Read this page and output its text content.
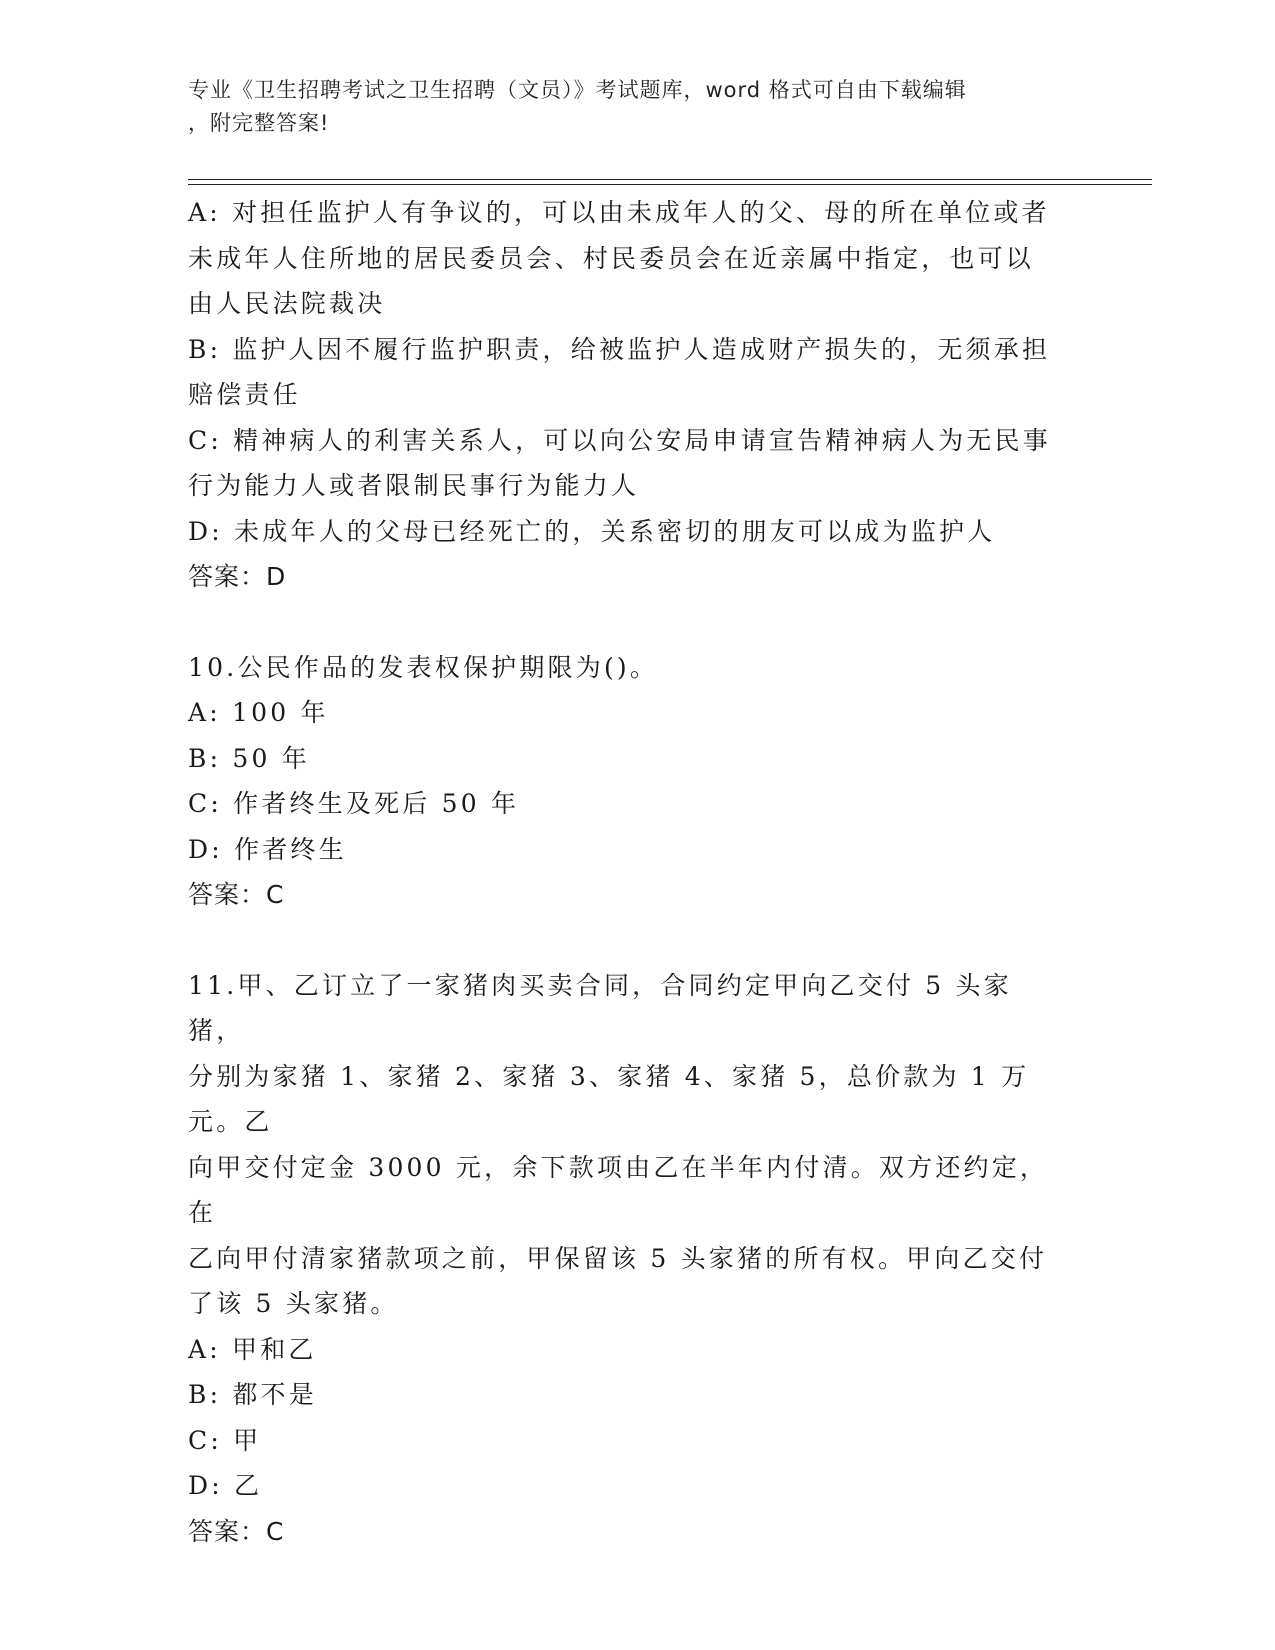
专业《卫生招聘考试之卫生招聘（文员）》考试题库，word 格式可自由下载编辑
，附完整答案!
A: 对担任监护人有争议的，可以由未成年人的父、母的所在单位或者
未成年人住所地的居民委员会、村民委员会在近亲属中指定，也可以
由人民法院裁决
B: 监护人因不履行监护职责，给被监护人造成财产损失的，无须承担
赔偿责任
C: 精神病人的利害关系人，可以向公安局申请宣告精神病人为无民事
行为能力人或者限制民事行为能力人
D: 未成年人的父母已经死亡的，关系密切的朋友可以成为监护人
答案：D
10.公民作品的发表权保护期限为()。
A: 100 年
B: 50 年
C: 作者终生及死后 50 年
D: 作者终生
答案：C
11.甲、乙订立了一家猪肉买卖合同，合同约定甲向乙交付 5 头家猪，
分别为家猪 1、家猪 2、家猪 3、家猪 4、家猪 5，总价款为 1 万元。乙
向甲交付定金 3000 元，余下款项由乙在半年内付清。双方还约定，在
乙向甲付清家猪款项之前，甲保留该 5 头家猪的所有权。甲向乙交付
了该 5 头家猪。
A: 甲和乙
B: 都不是
C: 甲
D: 乙
答案：C
